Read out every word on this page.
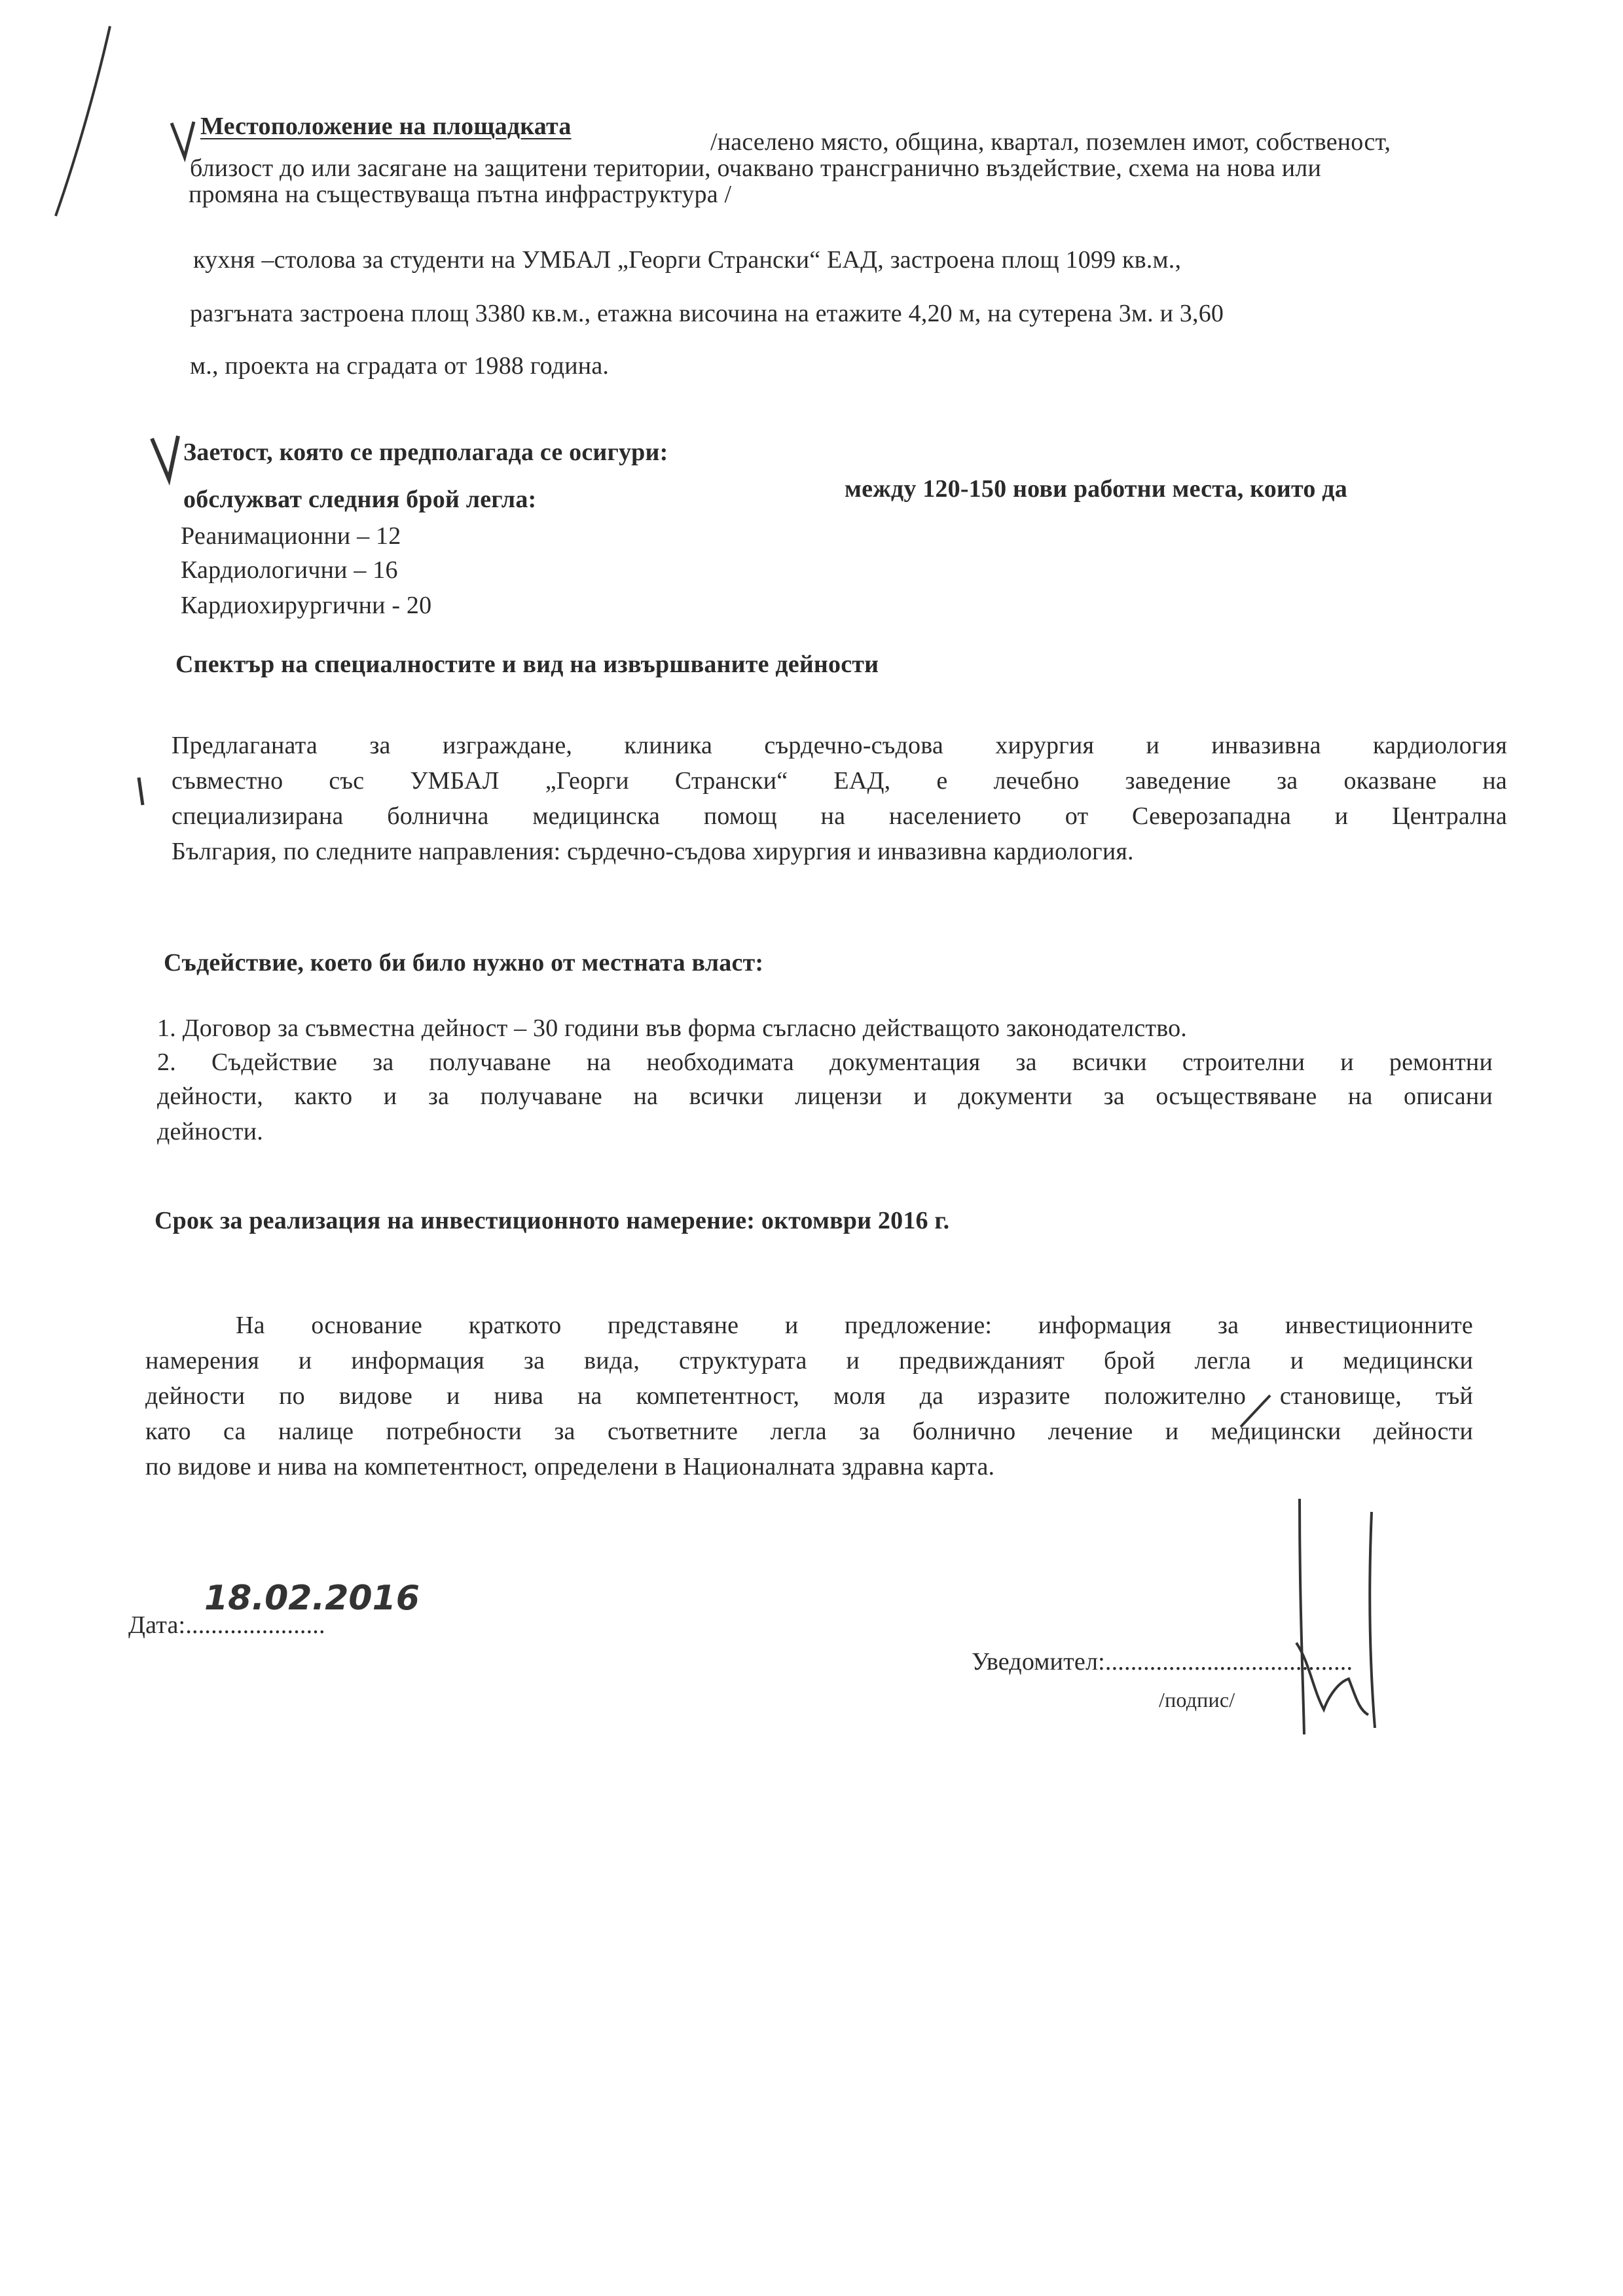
Местоположение на площадката
/населено място, община, квартал, поземлен имот, собственост,
близост до или засягане на защитени територии, очаквано трансгранично въздействие, схема на нова или
промяна на съществуваща пътна инфраструктура /
кухня –столова за студенти на УМБАЛ „Георги Странски“ ЕАД, застроена площ 1099 кв.м.,
разгъната застроена площ 3380 кв.м., етажна височина на етажите 4,20 м, на сутерена 3м. и 3,60
м., проекта на сградата от 1988 година.
Заетост, която се предполагада се осигури:
между 120-150 нови работни места, които да
обслужват следния брой легла:
Реанимационни – 12
Кардиологични – 16
Кардиохирургични - 20
Спектър на специалностите и вид на извършваните дейности
Предлаганата за изграждане, клиника сърдечно-съдова хирургия и инвазивна кардиология
съвместно със УМБАЛ „Георги Странски“ ЕАД, е лечебно заведение за оказване на
специализирана болнична медицинска помощ на населението от Северозападна и Централна
България, по следните направления: сърдечно-съдова хирургия и инвазивна кардиология.
Съдействие, което би било нужно от местната власт:
1. Договор за съвместна дейност – 30 години във форма съгласно действащото законодателство.
2. Съдействие за получаване на необходимата документация за всички строителни и ремонтни
дейности, както и за получаване на всички лицензи и документи за осъществяване на описани
дейности.
Срок за реализация на инвестиционното намерение: октомври 2016 г.
На основание краткото представяне и предложение: информация за инвестиционните
намерения и информация за вида, структурата и предвижданият брой легла и медицински
дейности по видове и нива на компетентност, моля да изразите положително становище, тъй
като са налице потребности за съответните легла за болнично лечение и медицински дейности
по видове и нива на компетентност, определени в Националната здравна карта.
Дата:......................
18.02.2016
Уведомител:.......................................
/подпис/
